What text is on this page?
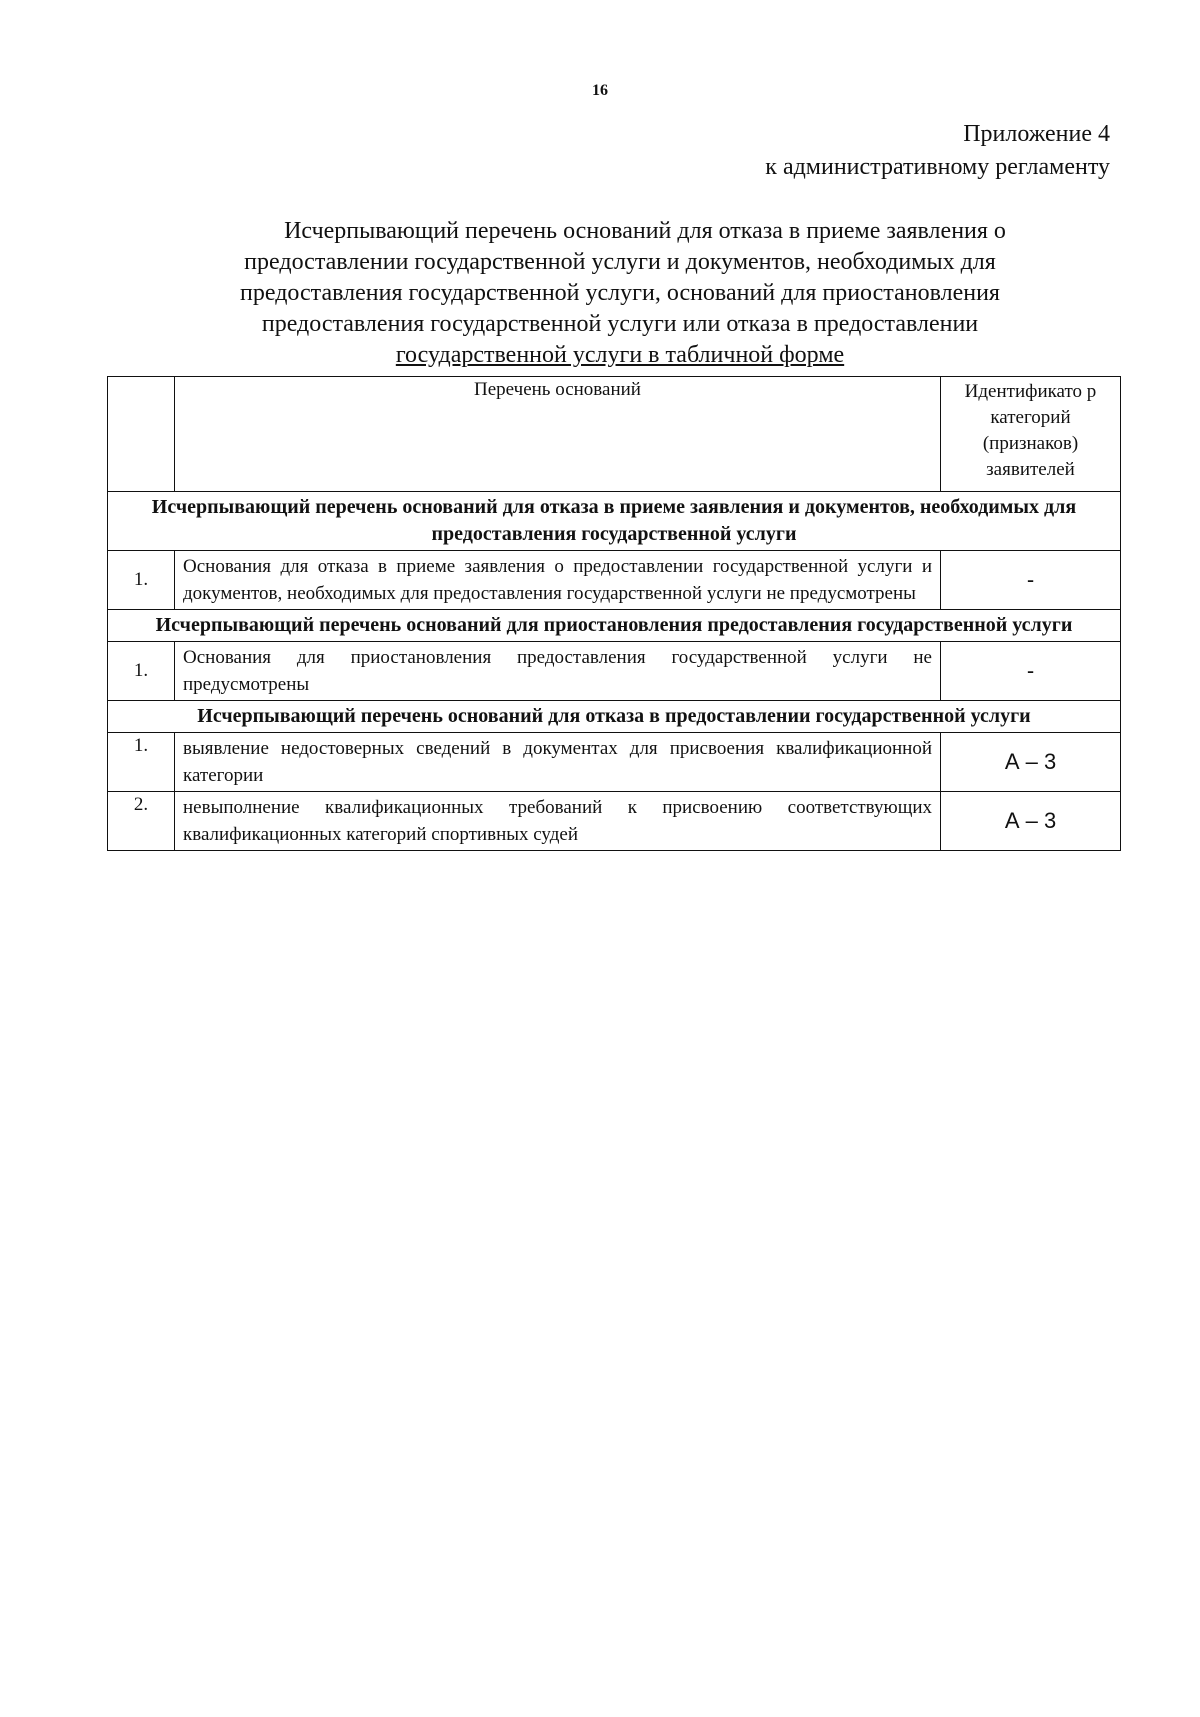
16
Приложение 4
к административному регламенту
Исчерпывающий перечень оснований для отказа в приеме заявления о
предоставлении государственной услуги и документов, необходимых для
предоставления государственной услуги, оснований для приостановления
предоставления государственной услуги или отказа в предоставлении
государственной услуги в табличной форме
	Перечень оснований	Идентификато р категорий (признаков) заявителей
Исчерпывающий перечень оснований для отказа в приеме заявления и документов, необходимых для предоставления государственной услуги		
1.	Основания для отказа в приеме заявления о предоставлении государственной услуги и документов, необходимых для предоставления государственной услуги не предусмотрены	-
Исчерпывающий перечень оснований для приостановления предоставления государственной услуги		
1.	Основания для приостановления предоставления государственной услуги не предусмотрены	-
Исчерпывающий перечень оснований для отказа в предоставлении государственной услуги		
1.	выявление недостоверных сведений в документах для присвоения квалификационной категории	А – 3
2.	невыполнение квалификационных требований к присвоению соответствующих квалификационных категорий спортивных судей	А – 3
